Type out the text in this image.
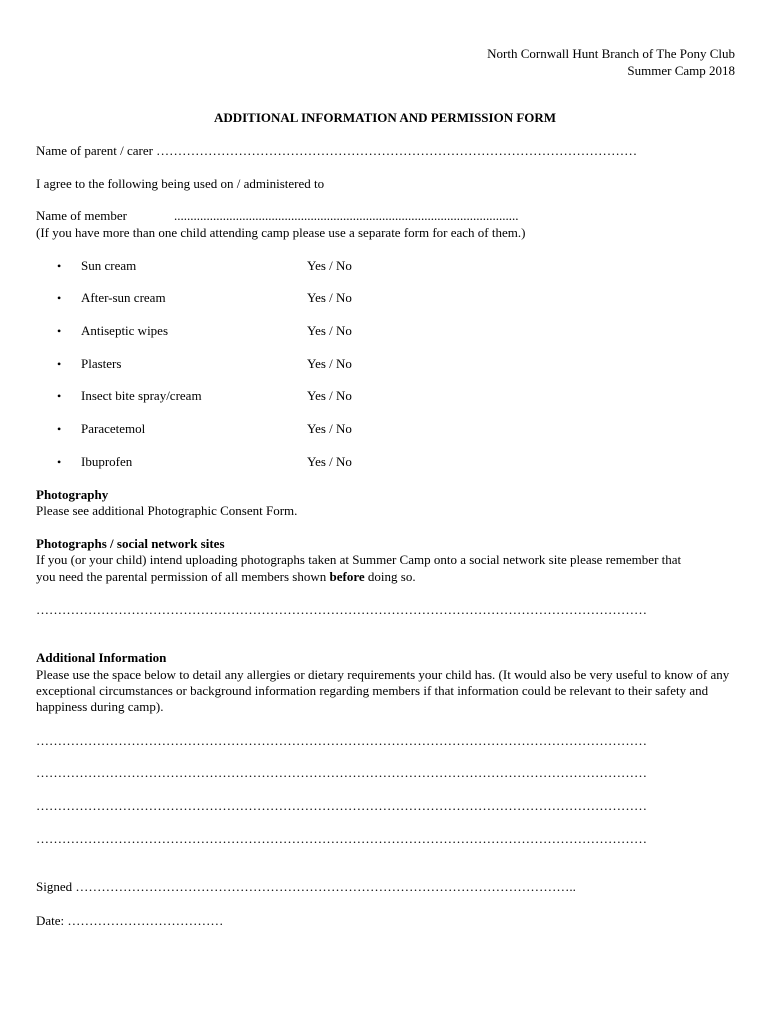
North Cornwall Hunt Branch of The Pony Club
Summer Camp 2018
ADDITIONAL INFORMATION AND PERMISSION FORM
Name of parent / carer …………………………………………………………………………………………………
I agree to the following being used on / administered to
Name of member	..........................................................................................................
(If you have more than one child attending camp please use a separate form for each of them.)
• Sun cream	Yes / No
• After-sun cream	Yes / No
• Antiseptic wipes	Yes / No
• Plasters	Yes / No
• Insect bite spray/cream	Yes / No
• Paracetemol	Yes / No
• Ibuprofen	Yes / No
Photography
Please see additional Photographic Consent Form.
Photographs / social network sites
If you (or your child) intend uploading photographs taken at Summer Camp onto a social network site please remember that
you need the parental permission of all members shown before doing so.
……………………………………………………………………………………………………………………………
Additional Information
Please use the space below to detail any allergies or dietary requirements your child has. (It would also be very useful to know of any exceptional circumstances or background information regarding members if that information could be relevant to their safety and happiness during camp).
……………………………………………………………………………………………………………………………
……………………………………………………………………………………………………………………………
……………………………………………………………………………………………………………………………
……………………………………………………………………………………………………………………………
Signed ……………………………………………………………………………………………………..
Date: ………………………………
